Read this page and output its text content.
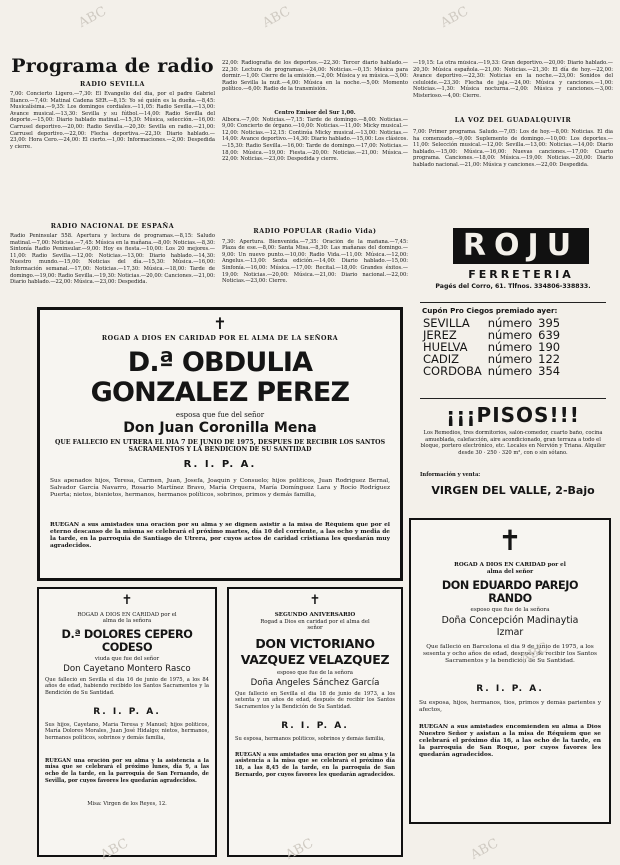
Programa de radio
RADIO SEVILLA
7,00: Concierto Ligero.—7,30: El Evangelio del día, por el padre Gabriel Ilianco.—7,40: Matinal Cadena SER.—8,15: Yo sé quién es la dueña.—8,45: Musicalísima.—9,35: Los domingos cordiales.—11,05: Radio Sevilla.—13,00: Avance musical.—13,30: Sevilla y su fútbol.—14,00: Radio Sevilla del deporte.—15,00: Diario hablado matinal.—15,30: Música, selección.—16,00: Carrusel deportivo.—20,00: Radio Sevilla.—20,30: Sevilla en radio.—21,00: Carrusel deportivo.—22,00: Flecha deportiva.—22,30: Diario hablado.—23,00: Hora Cero.—24,00: El cierto.—1,00: Informaciones.—2,00: Despedida y cierre.
RADIO NACIONAL DE ESPAÑA
Radio Peninsular 558. Apertura y lectura de programas.—8,15: Saludo matinal.—7,00: Noticias.—7,45: Música en la mañana.—8,00: Noticias.—8,30: Sintonía Radio Peninsular.—9,00: Hoy es fiesta.—10,00: Los 20 mejores.—11,00: Radio Sevilla.—12,00: Noticias.—13,00: Diario hablado.—14,30: Nuestro mundo.—15,00: Noticias del día.—15,30: Música.—16,00: Información semanal.—17,00: Noticias.—17,30: Música.—18,00: Tarde de domingo.—19,00: Radio Sevilla.—19,30: Noticias.—20,00: Canciones.—21,00: Diario hablado.—22,00: Música.—23,00: Despedida.
22,00: Radiografía de los deportes.—22,30: Tercer diario hablado.—22,30: Lectura de programas.—24,00: Noticias.—0,15: Música para dormir.—1,00: Cierre de la emisión.—2,00: Música y su música.—3,00: Radio Sevilla la nuit.—4,00: Música en la noche.—5,00: Momento político.—6,00: Radio de la transmisión.
Centro Emisor del Sur 1,00.
Albora.—7,00: Noticias.—7,15: Tarde de domingo.—8,00: Noticias.—9,00: Concierto de órgano.—10,00: Noticias.—11,00: Micky musical.—12,00: Noticias.—12,15: Continúa Micky musical.—13,00: Noticias.—14,00: Avance deportivo.—14,30: Diario hablado.—15,00: Los clásicos.—15,30: Radio Sevilla.—16,00: Tarde de domingo.—17,00: Noticias.—18,00: Música.—19,00: Fiesta.—20,00: Noticias.—21,00: Música.—22,00: Noticias.—23,00: Despedida y cierre.
RADIO POPULAR (Radio Vida)
7,30: Apertura. Bienvenida.—7,35: Oración de la mañana.—7,45: Plaza de ese.—8,00: Santa Misa.—8,30: Las mañanas del domingo.—9,00: Un nuevo punto.—10,00: Radio Vida.—11,00: Música.—12,00: Angelus.—13,00: Sexta edición.—14,00: Diario hablado.—15,00: Sinfonía.—16,00: Música.—17,00: Recital.—18,00: Grandes éxitos.—19,00: Noticias.—20,00: Música.—21,00: Diario nacional.—22,00: Noticias.—23,00: Cierre.
—19,15: La otra música.—19,33: Gran deportivo.—20,00: Diario hablado.—20,30: Música española.—21,00: Noticias.—21,30: El día de hoy.—22,00: Avance deportivo.—22,30: Noticias en la noche.—23,00: Sonidos del celuloide.—23,30: Flecha de jaja.—24,00: Música y canciones.—1,00: Noticias.—1,30: Música nocturna.—2,00: Música y canciones.—3,00: Misterioso.—4,00: Cierre.
LA VOZ DEL GUADALQUIVIR
7,00: Primer programa. Saludo.—7,05: Los de hoy.—8,00: Noticias. El día ha comenzado.—9,00: Suplemento de domingo.—10,00: Los deportes.—11,00: Selección musical.—12,00: Sevilla.—13,00: Noticias.—14,00: Diario hablado.—15,00: Música.—16,00: Nuevas canciones.—17,00: Cuarto programa. Canciones.—18,00: Música.—19,00: Noticias.—20,00: Diario hablado nacional.—21,00: Música y canciones.—22,00: Despedida.
ROJU
FERRETERIA
Pagés del Corro, 61. Tlfnos. 334806-338833.
Cupón Pro Ciegos premiado ayer:
SEVILLA	número	395
JEREZ	número	639
HUELVA	número	190
CADIZ	número	122
CORDOBA	número	354
¡¡¡PISOS!!!
Los Remedios, tres dormitorios, salón-comedor, cuarto baño, cocina amueblada, calefacción, aire acondicionado, gran terraza a todo el bloque, portero electrónico, etc. Locales en Nervión y Triana. Alquiler desde 30 · 250 · 320 m², con o sin sótano.
Información y venta:
VIRGEN DEL VALLE, 2-Bajo
✝
ROGAD A DIOS EN CARIDAD POR EL ALMA DE LA SEÑORA
D.ª OBDULIA GONZALEZ PEREZ
esposa que fue del señor
Don Juan Coronilla Mena
QUE FALLECIO EN UTRERA EL DIA 7 DE JUNIO DE 1975, DESPUES DE RECIBIR LOS SANTOS SACRAMENTOS Y LA BENDICION DE SU SANTIDAD
R. I. P. A.
Sus apenados hijos, Teresa, Carmen, Juan, Josefa, Joaquín y Consuelo; hijos políticos, Juan Rodríguez Bernal, Salvador García Navarro, Rosario Martínez Bravo, María Orquera, María Domínguez Lara y Rocío Rodríguez Puerta; nietos, bisnietos, hermanos, hermanos políticos, sobrinos, primos y demás familia,
RUEGAN a sus amistades una oración por su alma y se dignen asistir a la misa de Réquiem que por el eterno descanso de la misma se celebrará el próximo martes, día 10 del corriente, a las ocho y media de la tarde, en la parroquia de Santiago de Utrera, por cuyos actos de caridad cristiana les quedarán muy agradecidos.
✝
ROGAD A DIOS EN CARIDAD por el alma de la señora
D.ª DOLORES CEPERO CODESO
viuda que fue del señor
Don Cayetano Montero Rasco
Que falleció en Sevilla el día 16 de junio de 1975, a los 84 años de edad, habiendo recibido los Santos Sacramentos y la Bendición de Su Santidad.
R. I. P. A.
Sus hijos, Cayetano, María Teresa y Manuel; hijos políticos, María Dolores Morales, Juan José Hidalgo; nietos, hermanos, hermanos políticos, sobrinos y demás familia,
RUEGAN una oración por su alma y la asistencia a la misa que se celebrará el próximo lunes, día 9, a las ocho de la tarde, en la parroquia de San Fernando, de Sevilla, por cuyos favores les quedarán agradecidos.
Misa: Virgen de los Reyes, 12.
✝
SEGUNDO ANIVERSARIO
Rogad a Dios en caridad por el alma del señor
DON VICTORIANO VAZQUEZ VELAZQUEZ
esposo que fue de la señora
Doña Angeles Sánchez García
Que falleció en Sevilla el día 18 de junio de 1973, a los setenta y un años de edad, después de recibir los Santos Sacramentos y la Bendición de Su Santidad.
R. I. P. A.
Su esposa, hermanos políticos, sobrinos y demás familia,
RUEGAN a sus amistades una oración por su alma y la asistencia a la misa que se celebrará el próximo día 18, a las 8,45 de la tarde, en la parroquia de San Bernardo, por cuyos favores les quedarán agradecidos.
✝
ROGAD A DIOS EN CARIDAD por el alma del señor
DON EDUARDO PAREJO RANDO
esposo que fue de la señora
Doña Concepción Madinaytia Izmar
Que falleció en Barcelona el día 9 de junio de 1975, a los sesenta y ocho años de edad, después de recibir los Santos Sacramentos y la bendición de Su Santidad.
R. I. P. A.
Su esposa, hijos, hermanos, tíos, primos y demás parientes y afectos,
RUEGAN a sus amistades encomienden su alma a Dios Nuestro Señor y asistan a la misa de Réquiem que se celebrará el próximo día 16, a las ocho de la tarde, en la parroquia de San Roque, por cuyos favores les quedarán agradecidos.
ABC	ABC	ABC
ABC
ABC	ABC	ABC
